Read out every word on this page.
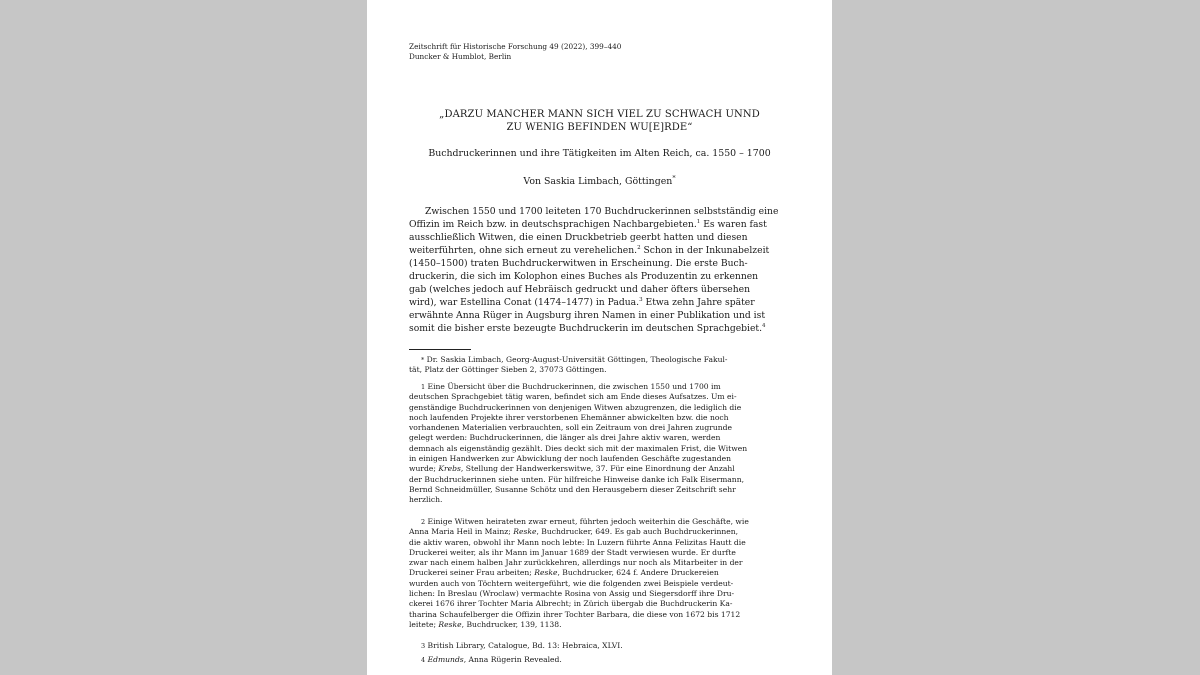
Zeitschrift für Historische Forschung 49 (2022), 399–440
Duncker & Humblot, Berlin
„DARZU MANCHER MANN SICH VIEL ZU SCHWACH UNND
ZU WENIG BEFINDEN WU[E]RDE“
Buchdruckerinnen und ihre Tätigkeiten im Alten Reich, ca. 1550 – 1700
Von Saskia Limbach, Göttingen*
Zwischen 1550 und 1700 leiteten 170 Buchdruckerinnen selbstständig eine
Offizin im Reich bzw. in deutschsprachigen Nachbargebieten.$^1$ Es waren fast
ausschließlich Witwen, die einen Druckbetrieb geerbt hatten und diesen
weiterführten, ohne sich erneut zu verehelichen.$^2$ Schon in der Inkunabelzeit
(1450–1500) traten Buchdruckerwitwen in Erscheinung. Die erste Buch-
druckerin, die sich im Kolophon eines Buches als Produzentin zu erkennen
gab (welches jedoch auf Hebräisch gedruckt und daher öfters übersehen
wird), war Estellina Conat (1474–1477) in Padua.$^3$ Etwa zehn Jahre später
erwähnte Anna Rüger in Augsburg ihren Namen in einer Publikation und ist
somit die bisher erste bezeugte Buchdruckerin im deutschen Sprachgebiet.$^4$
* Dr. Saskia Limbach, Georg-August-Universität Göttingen, Theologische Fakul-
tät, Platz der Göttinger Sieben 2, 37073 Göttingen.
1 Eine Übersicht über die Buchdruckerinnen, die zwischen 1550 und 1700 im
deutschen Sprachgebiet tätig waren, befindet sich am Ende dieses Aufsatzes. Um ei-
genständige Buchdruckerinnen von denjenigen Witwen abzugrenzen, die lediglich die
noch laufenden Projekte ihrer verstorbenen Ehemänner abwickelten bzw. die noch
vorhandenen Materialien verbrauchten, soll ein Zeitraum von drei Jahren zugrunde
gelegt werden: Buchdruckerinnen, die länger als drei Jahre aktiv waren, werden
demnach als eigenständig gezählt. Dies deckt sich mit der maximalen Frist, die Witwen
in einigen Handwerken zur Abwicklung der noch laufenden Geschäfte zugestanden
wurde; Krebs, Stellung der Handwerkerswitwe, 37. Für eine Einordnung der Anzahl
der Buchdruckerinnen siehe unten. Für hilfreiche Hinweise danke ich Falk Eisermann,
Bernd Schneidmüller, Susanne Schötz und den Herausgebern dieser Zeitschrift sehr
herzlich.
2 Einige Witwen heirateten zwar erneut, führten jedoch weiterhin die Geschäfte, wie
Anna Maria Heil in Mainz; Reske, Buchdrucker, 649. Es gab auch Buchdruckerinnen,
die aktiv waren, obwohl ihr Mann noch lebte: In Luzern führte Anna Felizitas Hautt die
Druckerei weiter, als ihr Mann im Januar 1689 der Stadt verwiesen wurde. Er durfte
zwar nach einem halben Jahr zurückkehren, allerdings nur noch als Mitarbeiter in der
Druckerei seiner Frau arbeiten; Reske, Buchdrucker, 624 f. Andere Druckereien
wurden auch von Töchtern weitergeführt, wie die folgenden zwei Beispiele verdeut-
lichen: In Breslau (Wroclaw) vermachte Rosina von Assig und Siegersdorff ihre Dru-
ckerei 1676 ihrer Tochter Maria Albrecht; in Zürich übergab die Buchdruckerin Ka-
tharina Schaufelberger die Offizin ihrer Tochter Barbara, die diese von 1672 bis 1712
leitete; Reske, Buchdrucker, 139, 1138.
3 British Library, Catalogue, Bd. 13: Hebraica, XLVI.
4 Edmunds, Anna Rügerin Revealed.
